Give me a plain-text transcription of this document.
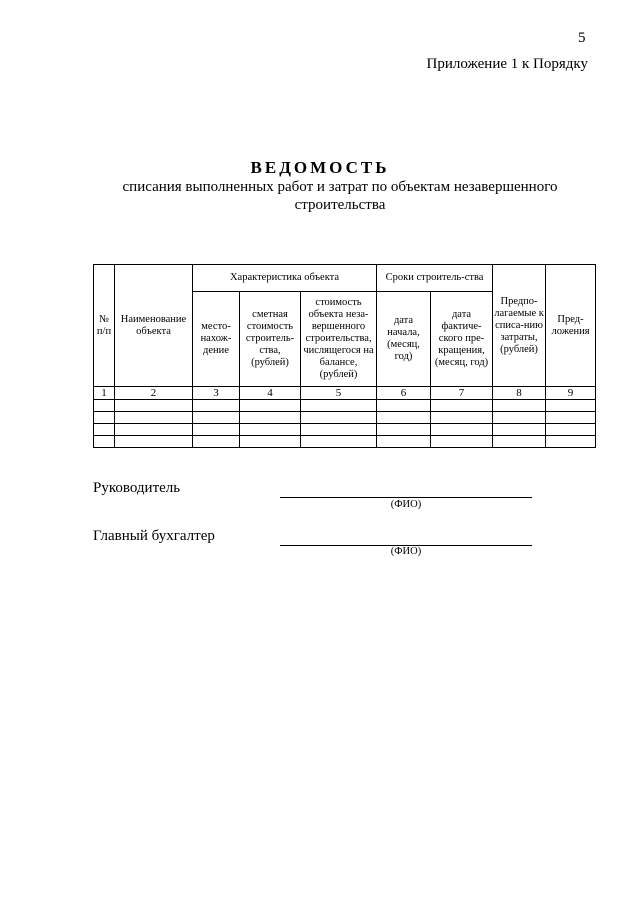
5
Приложение 1 к Порядку
ВЕДОМОСТЬ
списания выполненных работ и затрат по объектам незавершенного строительства
№ п/п	Наименование объекта	Характеристика объекта			Сроки строитель-ства		Предпо-лагаемые к списа-нию затраты, (рублей)	Пред-ложения
		место-нахож-дение	сметная стоимость строитель-ства, (рублей)	стоимость объекта неза-вершенного строительства, числящегося на балансе, (рублей)	дата начала, (месяц, год)	дата фактиче-ского пре-кращения, (месяц, год)		
1	2	3	4	5	6	7	8	9

Руководитель
(ФИО)
Главный бухгалтер
(ФИО)
